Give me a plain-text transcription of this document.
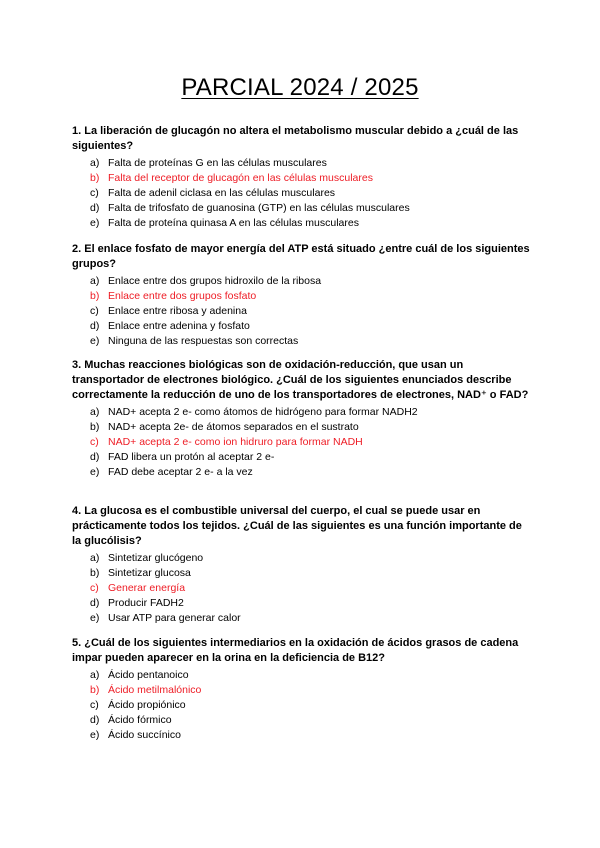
PARCIAL 2024 / 2025

1. La liberación de glucagón no altera el metabolismo muscular debido a ¿cuál de las siguientes?

a) Falta de proteínas G en las células musculares
b) Falta del receptor de glucagón en las células musculares
c) Falta de adenil ciclasa en las células musculares
d) Falta de trifosfato de guanosina (GTP) en las células musculares
e) Falta de proteína quinasa A en las células musculares

2. El enlace fosfato de mayor energía del ATP está situado ¿entre cuál de los siguientes grupos?

a) Enlace entre dos grupos hidroxilo de la ribosa
b) Enlace entre dos grupos fosfato
c) Enlace entre ribosa y adenina
d) Enlace entre adenina y fosfato
e) Ninguna de las respuestas son correctas

3. Muchas reacciones biológicas son de oxidación-reducción, que usan un transportador de electrones biológico. ¿Cuál de los siguientes enunciados describe correctamente la reducción de uno de los transportadores de electrones, NAD⁺ o FAD?

a) NAD+ acepta 2 e- como átomos de hidrógeno para formar NADH2
b) NAD+ acepta 2e- de átomos separados en el sustrato
c) NAD+ acepta 2 e- como ion hidruro para formar NADH
d) FAD libera un protón al aceptar 2 e-
e) FAD debe aceptar 2 e- a la vez

4. La glucosa es el combustible universal del cuerpo, el cual se puede usar en prácticamente todos los tejidos. ¿Cuál de las siguientes es una función importante de la glucólisis?

a) Sintetizar glucógeno
b) Sintetizar glucosa
c) Generar energía
d) Producir FADH2
e) Usar ATP para generar calor

5. ¿Cuál de los siguientes intermediarios en la oxidación de ácidos grasos de cadena impar pueden aparecer en la orina en la deficiencia de B12?

a) Ácido pentanoico
b) Ácido metilmalónico
c) Ácido propiónico
d) Ácido fórmico
e) Ácido succínico
